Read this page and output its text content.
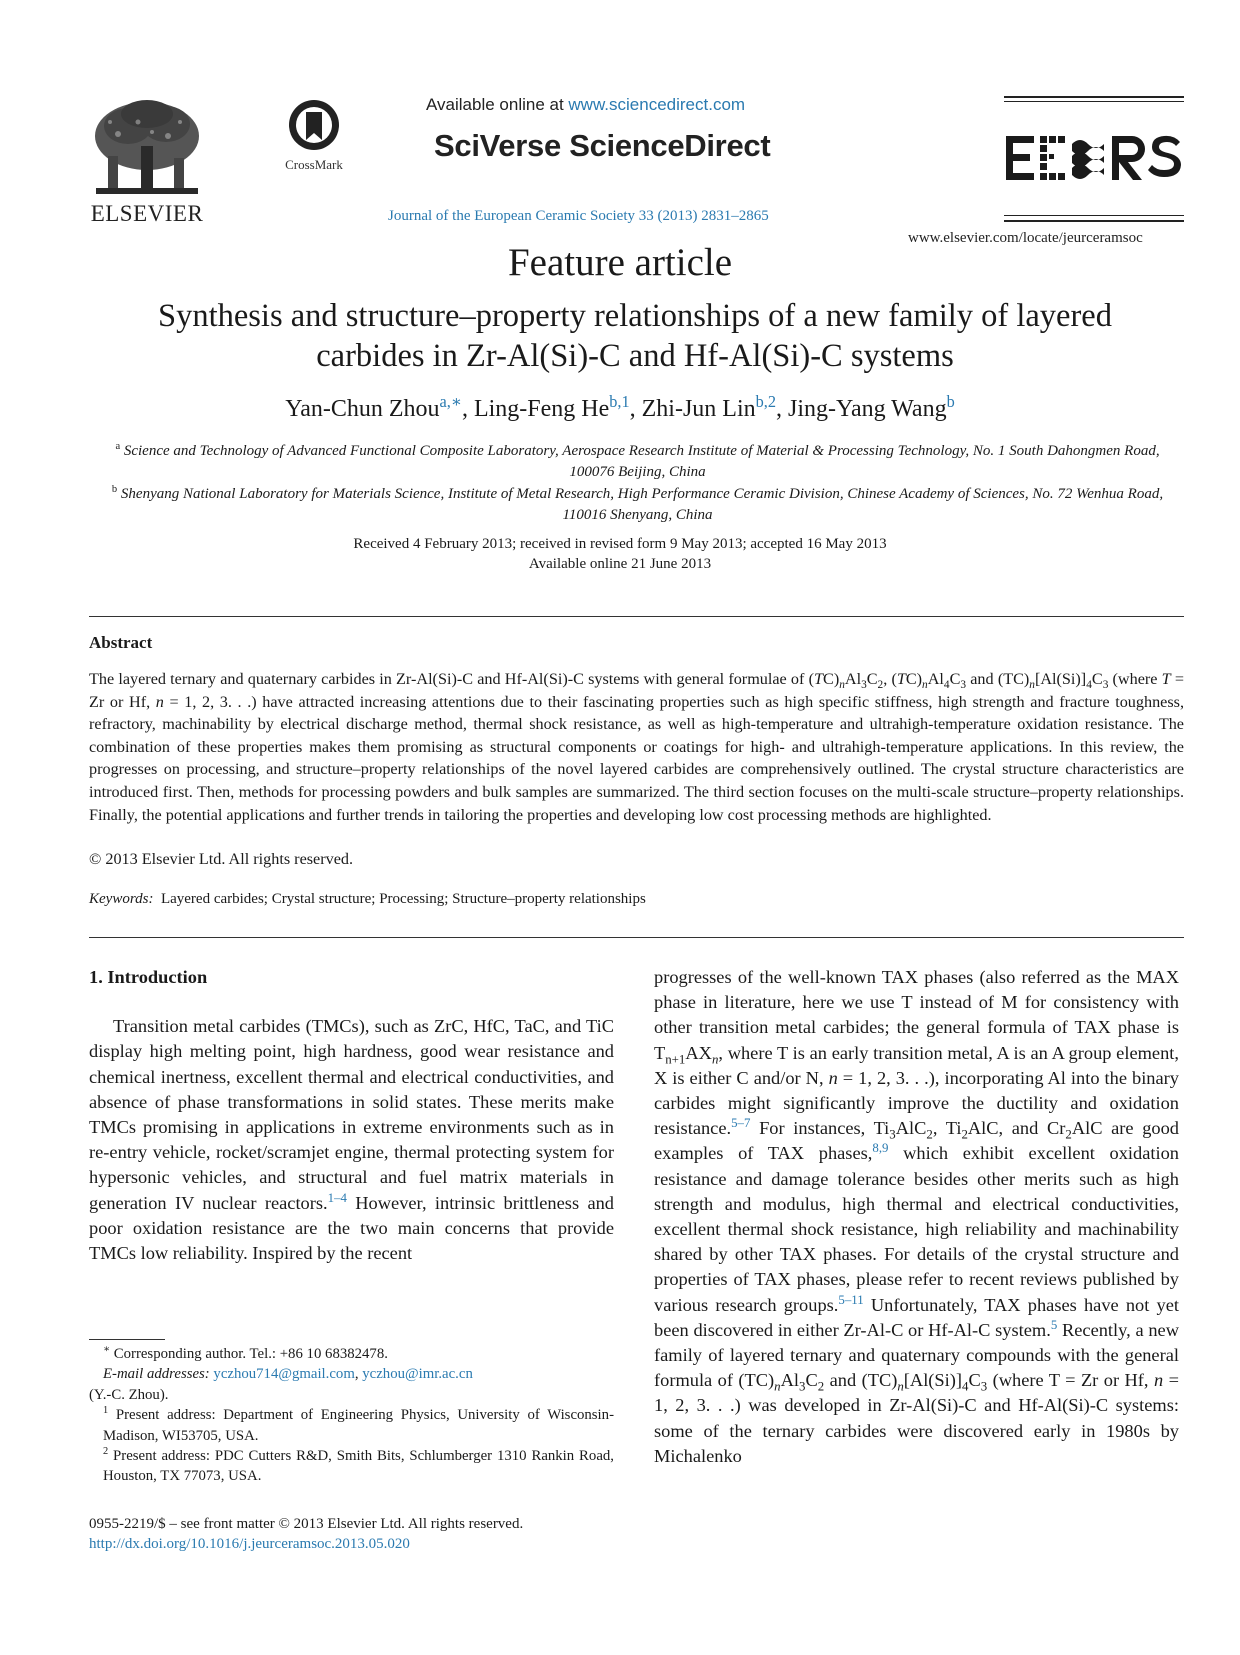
ELSEVIER
CrossMark
Available online at www.sciencedirect.com
SciVerse ScienceDirect
Journal of the European Ceramic Society 33 (2013) 2831–2865
www.elsevier.com/locate/jeurceramsoc
Feature article
Synthesis and structure–property relationships of a new family of layered
carbides in Zr-Al(Si)-C and Hf-Al(Si)-C systems
Yan-Chun Zhou$^{a,∗}$, Ling-Feng He$^{b,1}$, Zhi-Jun Lin$^{b,2}$, Jing-Yang Wang$^b$
$^a$ Science and Technology of Advanced Functional Composite Laboratory, Aerospace Research Institute of Material & Processing Technology, No. 1 South Dahongmen Road, 100076 Beijing, China
$^b$ Shenyang National Laboratory for Materials Science, Institute of Metal Research, High Performance Ceramic Division, Chinese Academy of Sciences, No. 72 Wenhua Road, 110016 Shenyang, China
Received 4 February 2013; received in revised form 9 May 2013; accepted 16 May 2013
Available online 21 June 2013
Abstract
The layered ternary and quaternary carbides in Zr-Al(Si)-C and Hf-Al(Si)-C systems with general formulae of $(TC)_nAl_3C_2$, $(TC)_nAl_4C_3$ and $(TC)_n[Al(Si)]_4C_3$ (where T = Zr or Hf, n = 1, 2, 3. . .) have attracted increasing attentions due to their fascinating properties such as high specific stiffness, high strength and fracture toughness, refractory, machinability by electrical discharge method, thermal shock resistance, as well as high-temperature and ultrahigh-temperature oxidation resistance. The combination of these properties makes them promising as structural components or coatings for high- and ultrahigh-temperature applications. In this review, the progresses on processing, and structure–property relationships of the novel layered carbides are comprehensively outlined. The crystal structure characteristics are introduced first. Then, methods for processing powders and bulk samples are summarized. The third section focuses on the multi-scale structure–property relationships. Finally, the potential applications and further trends in tailoring the properties and developing low cost processing methods are highlighted.
© 2013 Elsevier Ltd. All rights reserved.
Keywords: Layered carbides; Crystal structure; Processing; Structure–property relationships
1. Introduction

Transition metal carbides (TMCs), such as ZrC, HfC, TaC, and TiC display high melting point, high hardness, good wear resistance and chemical inertness, excellent thermal and electrical conductivities, and absence of phase transformations in solid states. These merits make TMCs promising in applications in extreme environments such as in re-entry vehicle, rocket/scramjet engine, thermal protecting system for hypersonic vehicles, and structural and fuel matrix materials in generation IV nuclear reactors.$^{1-4}$ However, intrinsic brittleness and poor oxidation resistance are the two main concerns that provide TMCs low reliability. Inspired by the recent

progresses of the well-known TAX phases (also referred as the MAX phase in literature, here we use T instead of M for consistency with other transition metal carbides; the general formula of TAX phase is $T_{n+1}AX_n$, where T is an early transition metal, A is an A group element, X is either C and/or N, n = 1, 2, 3. . .), incorporating Al into the binary carbides might significantly improve the ductility and oxidation resistance.$^{5-7}$ For instances, $Ti_3AlC_2$, $Ti_2AlC$, and $Cr_2AlC$ are good examples of TAX phases,$^{8,9}$ which exhibit excellent oxidation resistance and damage tolerance besides other merits such as high strength and modulus, high thermal and electrical conductivities, excellent thermal shock resistance, high reliability and machinability shared by other TAX phases. For details of the crystal structure and properties of TAX phases, please refer to recent reviews published by various research groups.$^{5-11}$ Unfortunately, TAX phases have not yet been discovered in either Zr-Al-C or Hf-Al-C system.$^5$ Recently, a new family of layered ternary and quaternary compounds with the general formula of $(TC)_nAl_3C_2$ and $(TC)_n[Al(Si)]_4C_3$ (where T = Zr or Hf, n = 1, 2, 3. . .) was developed in Zr-Al(Si)-C and Hf-Al(Si)-C systems: some of the ternary carbides were discovered early in 1980s by Michalenko

∗ Corresponding author. Tel.: +86 10 68382478.

E-mail addresses: yczhou714@gmail.com, yczhou@imr.ac.cn

(Y.-C. Zhou).

$^1$ Present address: Department of Engineering Physics, University of Wisconsin-Madison, WI53705, USA.

$^2$ Present address: PDC Cutters R&D, Smith Bits, Schlumberger 1310 Rankin Road, Houston, TX 77073, USA.

0955-2219/$ – see front matter © 2013 Elsevier Ltd. All rights reserved.
http://dx.doi.org/10.1016/j.jeurceramsoc.2013.05.020
